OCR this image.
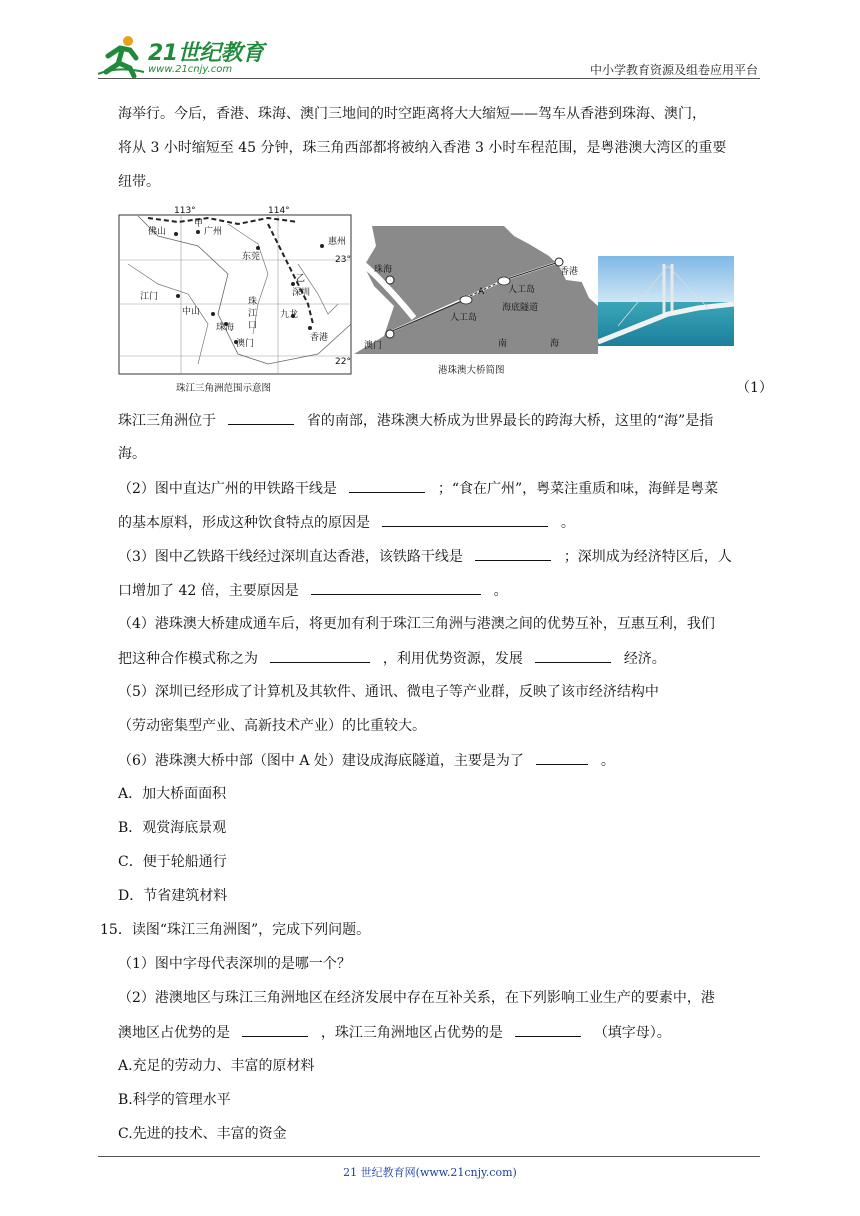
21世纪教育
www.21cnjy.com	中小学教育资源及组卷应用平台

海举行。今后，香港、珠海、澳门三地间的时空距离将大大缩短——驾车从香港到珠海、澳门，

将从 3 小时缩短至 45 分钟，珠三角西部都将被纳入香港 3 小时车程范围，是粤港澳大湾区的重要

纽带。

113°	114°
23°
22°
甲
佛山	广州
惠州
东莞
乙
深圳
江门
中山
珠
江
口
九龙
珠海
香港
澳门
珠江三角洲范围示意图
珠海
澳门
香港
A	人工岛
人工岛
海底隧道
南	海
港珠澳大桥简图
（1）
珠江三角洲位于	省的南部，港珠澳大桥成为世界最长的跨海大桥，这里的“海”是指
海。
（2）图中直达广州的甲铁路干线是	；“食在广州”，粤菜注重质和味，海鲜是粤菜
的基本原料，形成这种饮食特点的原因是	。
（3）图中乙铁路干线经过深圳直达香港，该铁路干线是	；深圳成为经济特区后，人
口增加了 42 倍，主要原因是	。
（4）港珠澳大桥建成通车后，将更加有利于珠江三角洲与港澳之间的优势互补，互惠互利，我们
把这种合作模式称之为	，利用优势资源，发展	经济。
（5）深圳已经形成了计算机及其软件、通讯、微电子等产业群，反映了该市经济结构中
（劳动密集型产业、高新技术产业）的比重较大。
（6）港珠澳大桥中部（图中 A 处）建设成海底隧道，主要是为了	。
A．加大桥面面积
B．观赏海底景观
C．便于轮船通行
D．节省建筑材料
15．读图“珠江三角洲图”，完成下列问题。
（1）图中字母代表深圳的是哪一个？
（2）港澳地区与珠江三角洲地区在经济发展中存在互补关系，在下列影响工业生产的要素中，港
澳地区占优势的是	，珠江三角洲地区占优势的是	（填字母）。
A.充足的劳动力、丰富的原材料
B.科学的管理水平
C.先进的技术、丰富的资金
21 世纪教育网(www.21cnjy.com)
